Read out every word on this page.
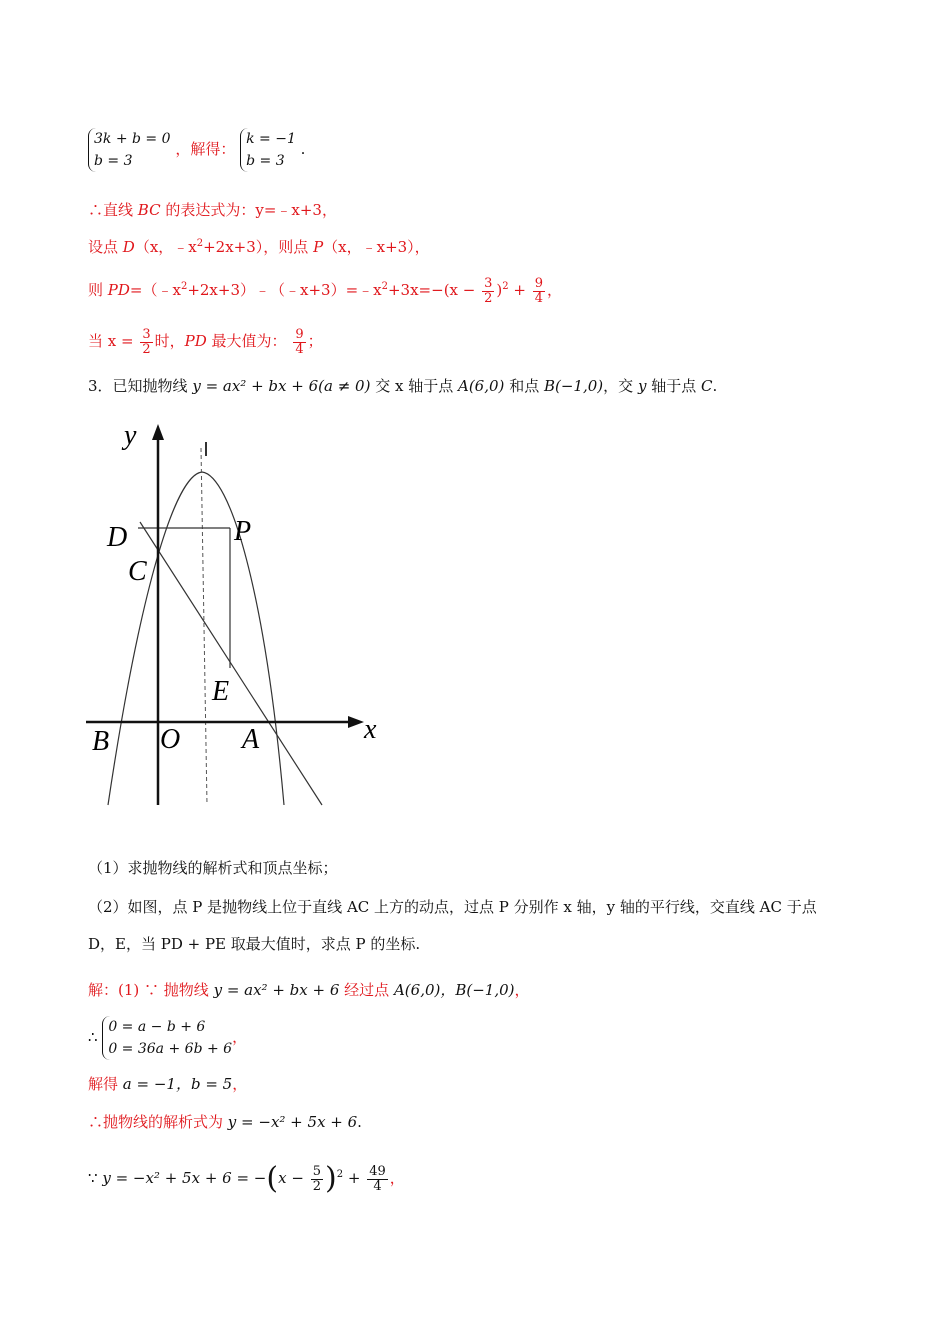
3k + b = 0
b = 3
，解得：
k = −1
b = 3
.
∴直线 BC 的表达式为：y=﹣x+3，
设点 D（x，$﹣x^2+2x+3$），则点 P（x，﹣x+3），
则 $PD=(﹣x^2+2x+3)﹣(﹣x+3)=﹣x^2+3x=-(x - \frac{3}{2} )^2 + \frac{9}{4}$ ，
当 $x = \frac{3}{2}$ 时，PD 最大值为： $\frac{9}{4}$ ；
3．已知抛物线 y = ax² + bx + 6(a ≠ 0) 交 x 轴于点 A(6,0) 和点 B(−1,0)，交 y 轴于点 C.
y
x
D	P
C
E
B O A
（1）求抛物线的解析式和顶点坐标；
（2）如图，点 P 是抛物线上位于直线 AC 上方的动点，过点 P 分别作 x 轴，y 轴的平行线，交直线 AC 于点
D，E，当 PD + PE 取最大值时，求点 P 的坐标.
解：(1) ∵ 抛物线 y = ax² + bx + 6 经过点 A(6,0)，B(−1,0)，
∴
0 = a − b + 6
0 = 36a + 6b + 6
，
解得 a = −1，b = 5，
∴抛物线的解析式为 y = −x² + 5x + 6.
∵ $y = -x^2 + 5x + 6 = -(x - \frac{5}{2} )^2 + \frac{49}{4}$ ，
